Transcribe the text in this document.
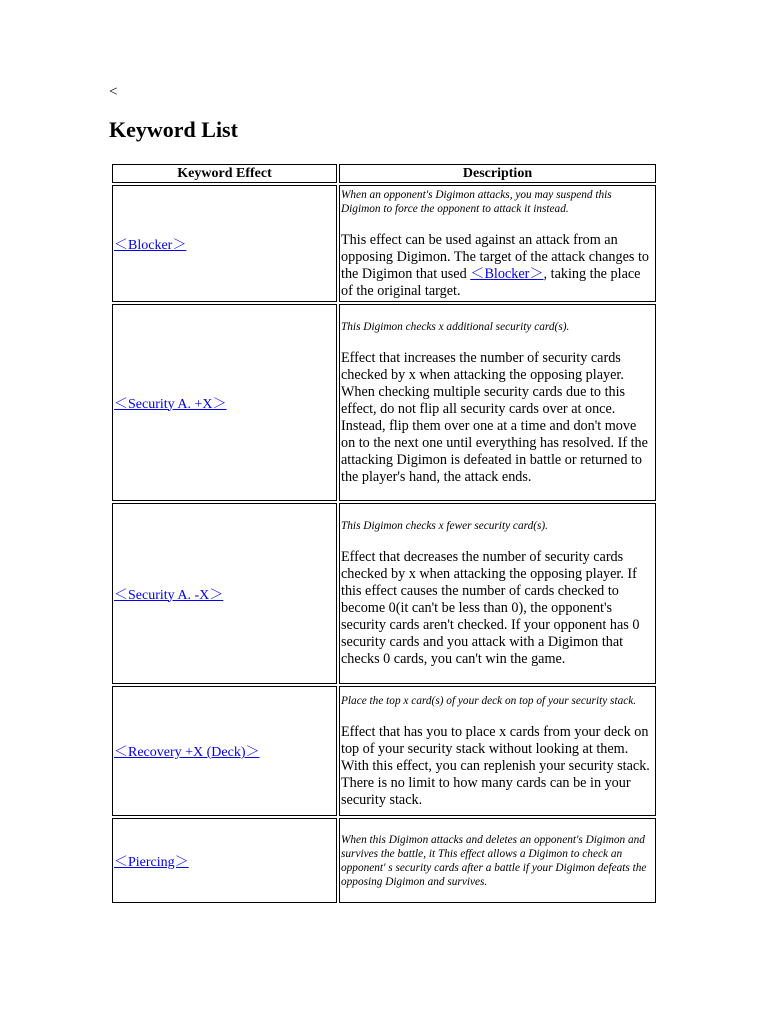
<
Keyword List
Keyword Effect	Description
＜Blocker＞	When an opponent's Digimon attacks, you may suspend this Digimon to force the opponent to attack it instead.

This effect can be used against an attack from an opposing Digimon. The target of the attack changes to the Digimon that used ＜Blocker＞, taking the place of the original target.

＜Security A. +X＞	This Digimon checks x additional security card(s).

Effect that increases the number of security cards checked by x when attacking the opposing player. When checking multiple security cards due to this effect, do not flip all security cards over at once. Instead, flip them over one at a time and don't move on to the next one until everything has resolved. If the attacking Digimon is defeated in battle or returned to the player's hand, the attack ends.

＜Security A. -X＞	This Digimon checks x fewer security card(s).

Effect that decreases the number of security cards checked by x when attacking the opposing player. If this effect causes the number of cards checked to become 0(it can't be less than 0), the opponent's security cards aren't checked. If your opponent has 0 security cards and you attack with a Digimon that checks 0 cards, you can't win the game.

＜Recovery +X (Deck)＞	Place the top x card(s) of your deck on top of your security stack.

Effect that has you to place x cards from your deck on top of your security stack without looking at them. With this effect, you can replenish your security stack. There is no limit to how many cards can be in your security stack.

＜Piercing＞	When this Digimon attacks and deletes an opponent's Digimon and survives the battle, it This effect allows a Digimon to check an opponent' s security cards after a battle if your Digimon defeats the opposing Digimon and survives.
